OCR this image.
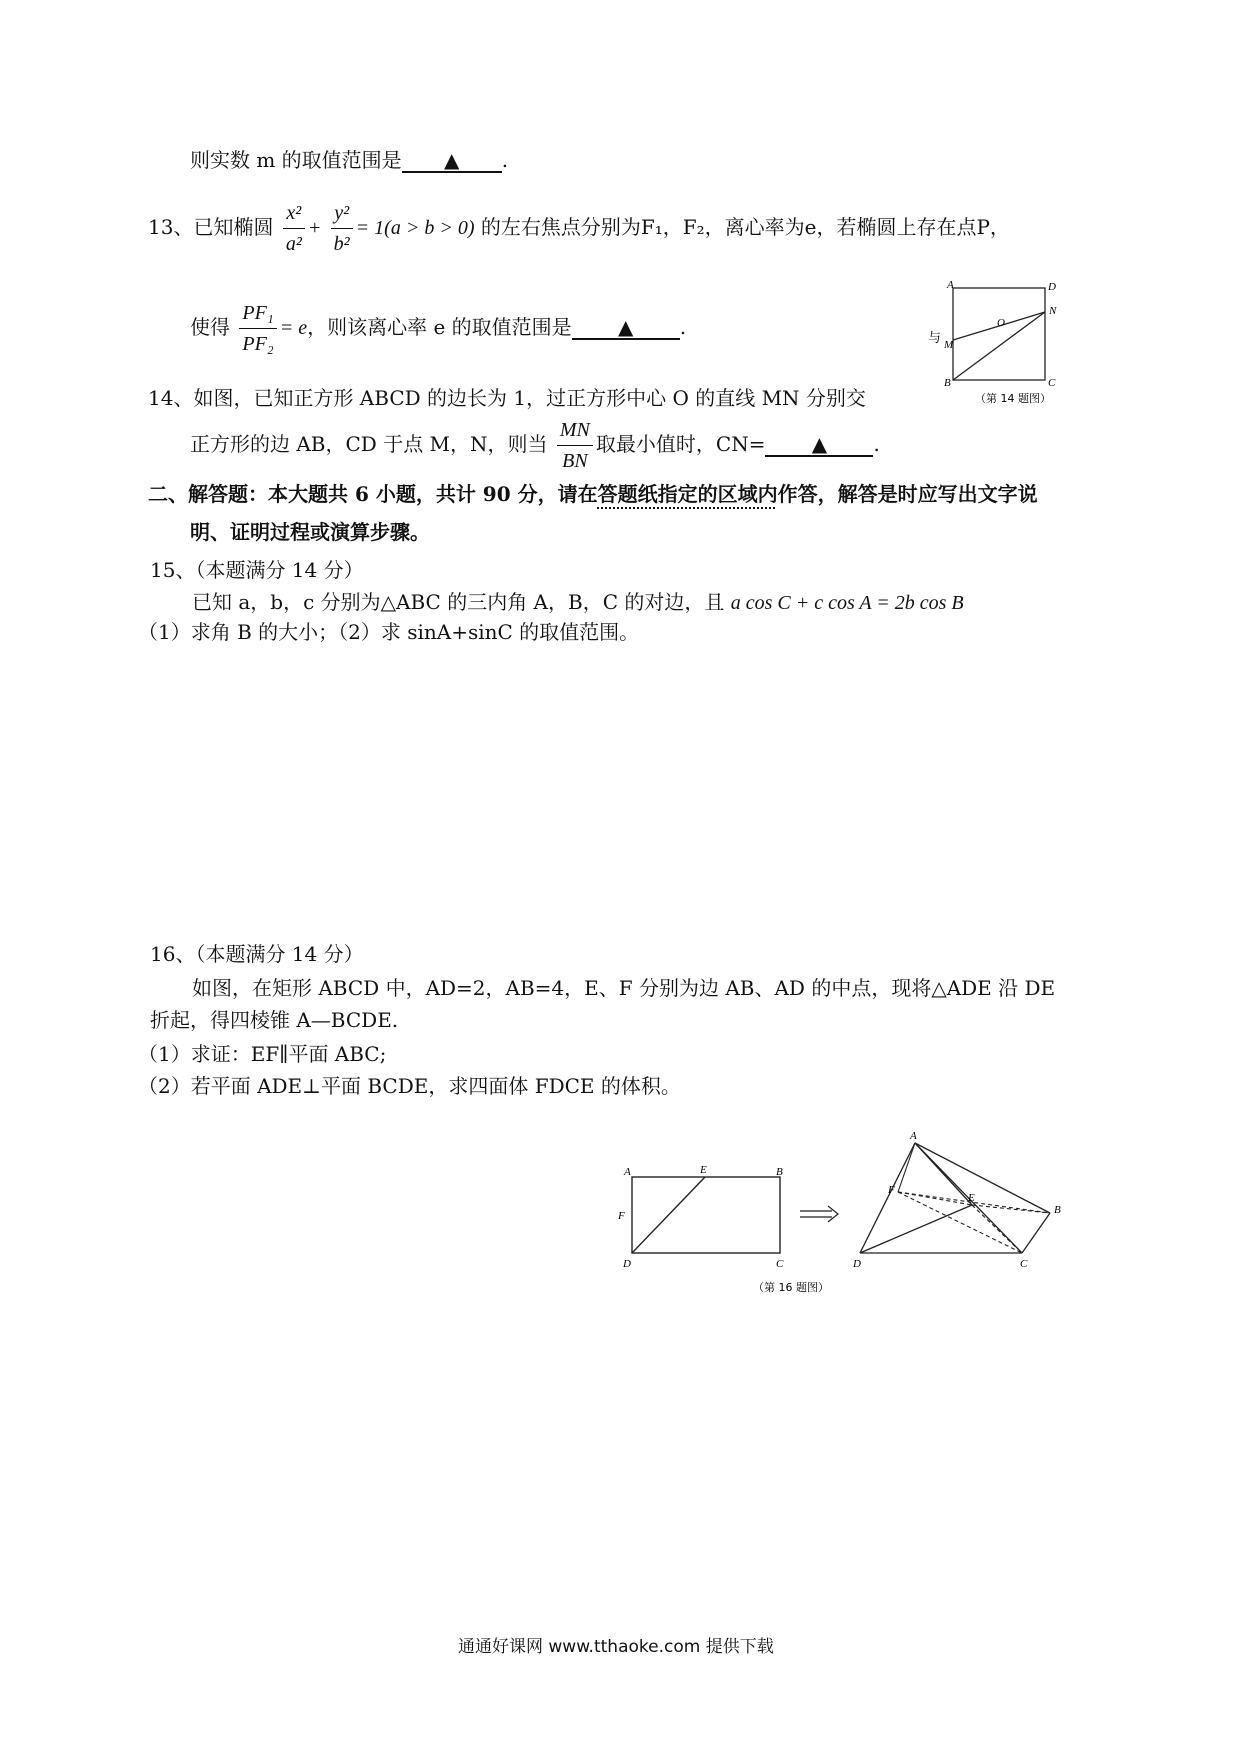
则实数 m 的取值范围是 ▲ .
13、已知椭圆 $\frac{\text{x²}}{\text{a²}} + \frac{\text{y²}}{\text{b²}} = 1(a > b > 0)$ 的左右焦点分别为F₁，F₂，离心率为e，若椭圆上存在点P，
使得 $\frac{\text{PF₁}}{\text{PF₂}} = e$，则该离心率 e 的取值范围是 ▲ .
A	D
N
O
M
B	C
与
（第 14 题图）
14、如图，已知正方形 ABCD 的边长为 1，过正方形中心 O 的直线 MN 分别交
正方形的边 AB，CD 于点 M，N，则当 $\frac{MN}{BN}$ 取最小值时，CN= ▲ .
二、解答题：本大题共 6 小题，共计 90 分，请在答题纸指定的区域内作答，解答是时应写出文字说
明、证明过程或演算步骤。
15、（本题满分 14 分）
已知 a，b，c 分别为△ABC 的三内角 A，B，C 的对边，且 a cos C + c cos A = 2b cos B
（1）求角 B 的大小；（2）求 sinA+sinC 的取值范围。
16、（本题满分 14 分）
如图，在矩形 ABCD 中，AD=2，AB=4，E、F 分别为边 AB、AD 的中点，现将△ADE 沿 DE
折起，得四棱锥 A—BCDE.
（1）求证：EF∥平面 ABC;
（2）若平面 ADE⊥平面 BCDE，求四面体 FDCE 的体积。
A	E	B
F
D	C
A
F
E
B
D	C
（第 16 题图）
通通好课网 www.tthaoke.com 提供下载
